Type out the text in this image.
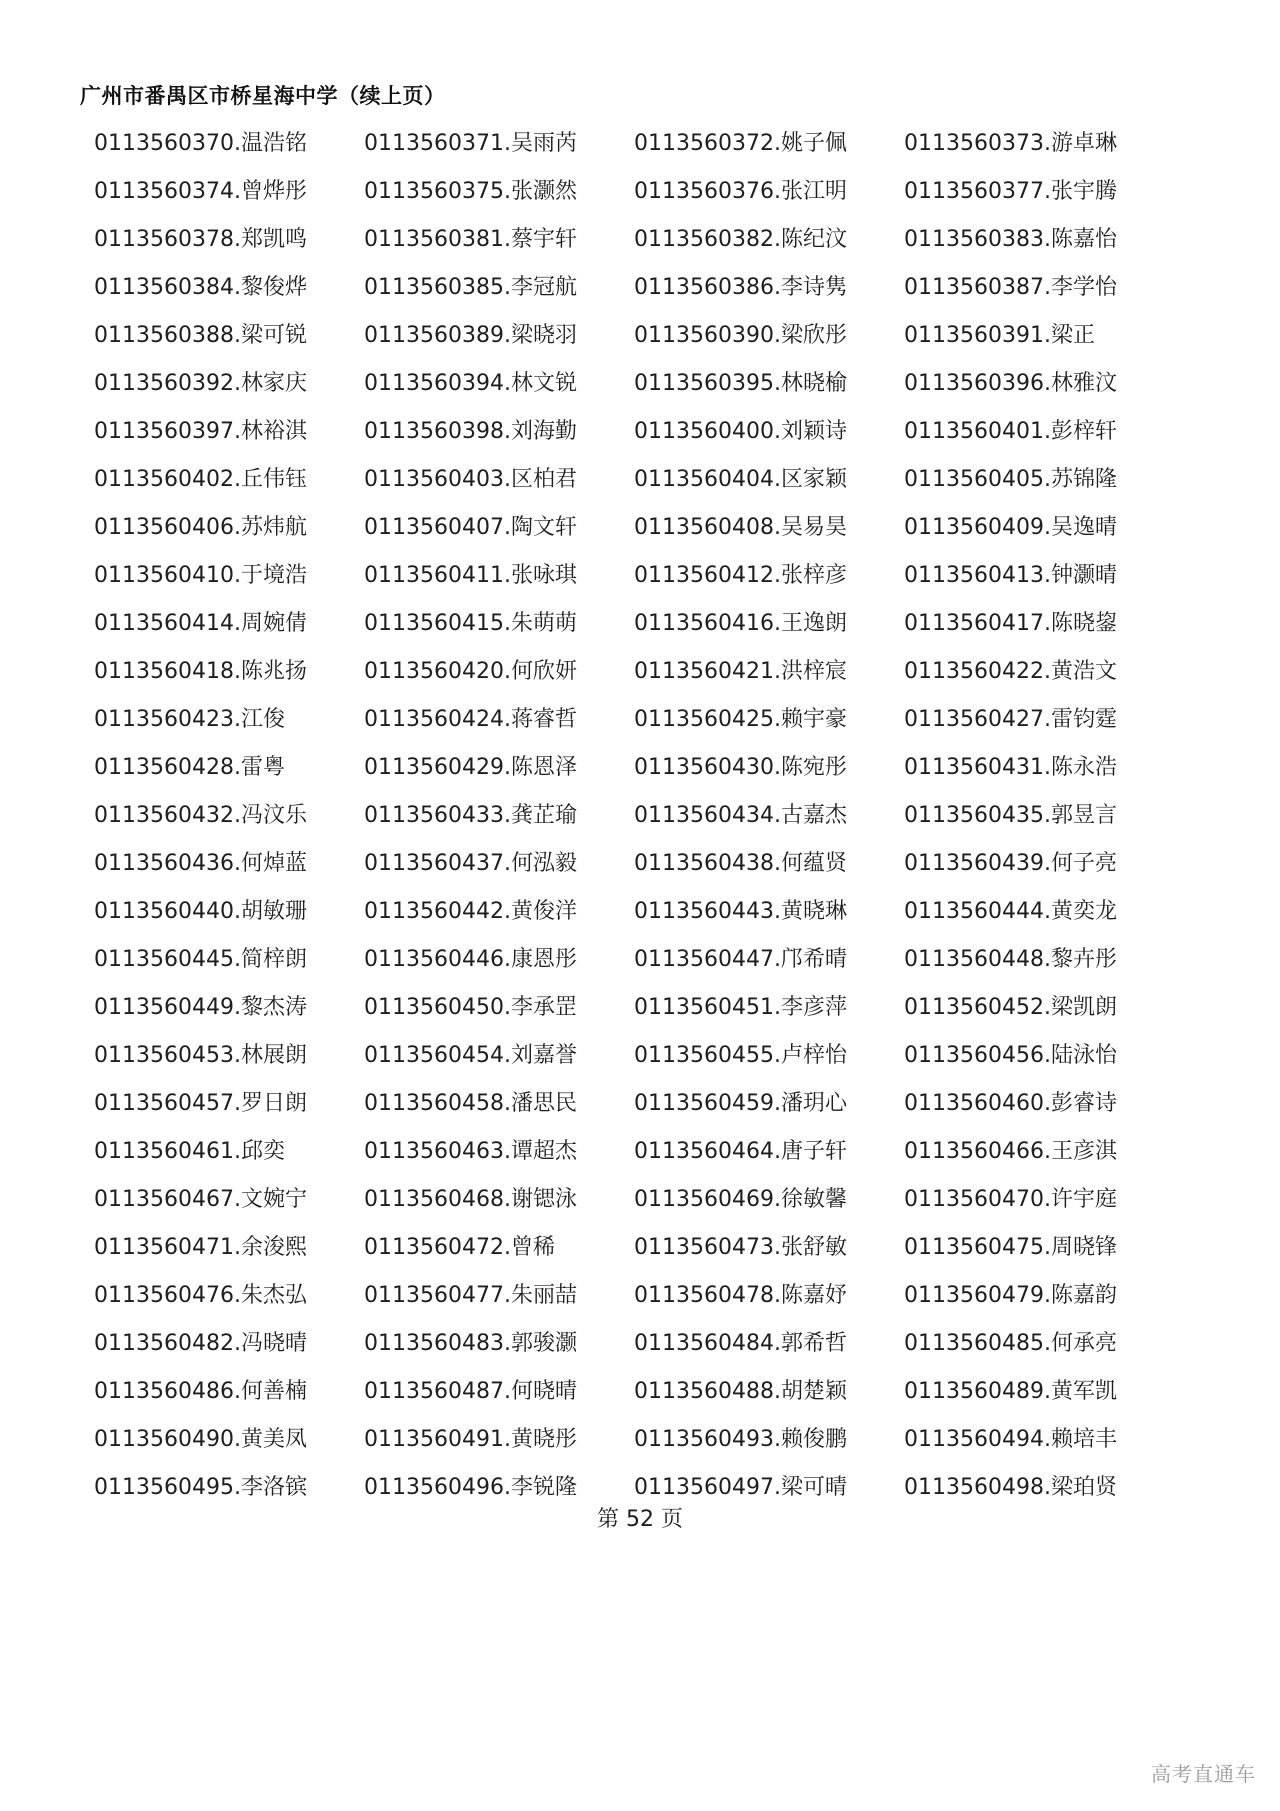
广州市番禺区市桥星海中学（续上页）
0113560370.温浩铭	0113560371.吴雨芮	0113560372.姚子佩	0113560373.游卓琳
0113560374.曾烨彤	0113560375.张灏然	0113560376.张江明	0113560377.张宇腾
0113560378.郑凯鸣	0113560381.蔡宇轩	0113560382.陈纪汶	0113560383.陈嘉怡
0113560384.黎俊烨	0113560385.李冠航	0113560386.李诗隽	0113560387.李学怡
0113560388.梁可锐	0113560389.梁晓羽	0113560390.梁欣彤	0113560391.梁正
0113560392.林家庆	0113560394.林文锐	0113560395.林晓榆	0113560396.林雅汶
0113560397.林裕淇	0113560398.刘海勤	0113560400.刘颖诗	0113560401.彭梓轩
0113560402.丘伟钰	0113560403.区柏君	0113560404.区家颖	0113560405.苏锦隆
0113560406.苏炜航	0113560407.陶文轩	0113560408.吴易昊	0113560409.吴逸晴
0113560410.于境浩	0113560411.张咏琪	0113560412.张梓彦	0113560413.钟灏晴
0113560414.周婉倩	0113560415.朱萌萌	0113560416.王逸朗	0113560417.陈晓鋆
0113560418.陈兆扬	0113560420.何欣妍	0113560421.洪梓宸	0113560422.黄浩文
0113560423.江俊	0113560424.蒋睿哲	0113560425.赖宇豪	0113560427.雷钧霆
0113560428.雷粤	0113560429.陈恩泽	0113560430.陈宛彤	0113560431.陈永浩
0113560432.冯汶乐	0113560433.龚芷瑜	0113560434.古嘉杰	0113560435.郭昱言
0113560436.何焯蓝	0113560437.何泓毅	0113560438.何蕴贤	0113560439.何子亮
0113560440.胡敏珊	0113560442.黄俊洋	0113560443.黄晓琳	0113560444.黄奕龙
0113560445.简梓朗	0113560446.康恩彤	0113560447.邝希晴	0113560448.黎卉彤
0113560449.黎杰涛	0113560450.李承罡	0113560451.李彦萍	0113560452.梁凯朗
0113560453.林展朗	0113560454.刘嘉誉	0113560455.卢梓怡	0113560456.陆泳怡
0113560457.罗日朗	0113560458.潘思民	0113560459.潘玥心	0113560460.彭睿诗
0113560461.邱奕	0113560463.谭超杰	0113560464.唐子轩	0113560466.王彦淇
0113560467.文婉宁	0113560468.谢锶泳	0113560469.徐敏馨	0113560470.许宇庭
0113560471.余浚熙	0113560472.曾稀	0113560473.张舒敏	0113560475.周晓锋
0113560476.朱杰弘	0113560477.朱丽喆	0113560478.陈嘉妤	0113560479.陈嘉韵
0113560482.冯晓晴	0113560483.郭骏灏	0113560484.郭希哲	0113560485.何承亮
0113560486.何善楠	0113560487.何晓晴	0113560488.胡楚颖	0113560489.黄军凯
0113560490.黄美凤	0113560491.黄晓彤	0113560493.赖俊鹏	0113560494.赖培丰
0113560495.李洛镔	0113560496.李锐隆	0113560497.梁可晴	0113560498.梁珀贤
第 52 页
高考直通车
